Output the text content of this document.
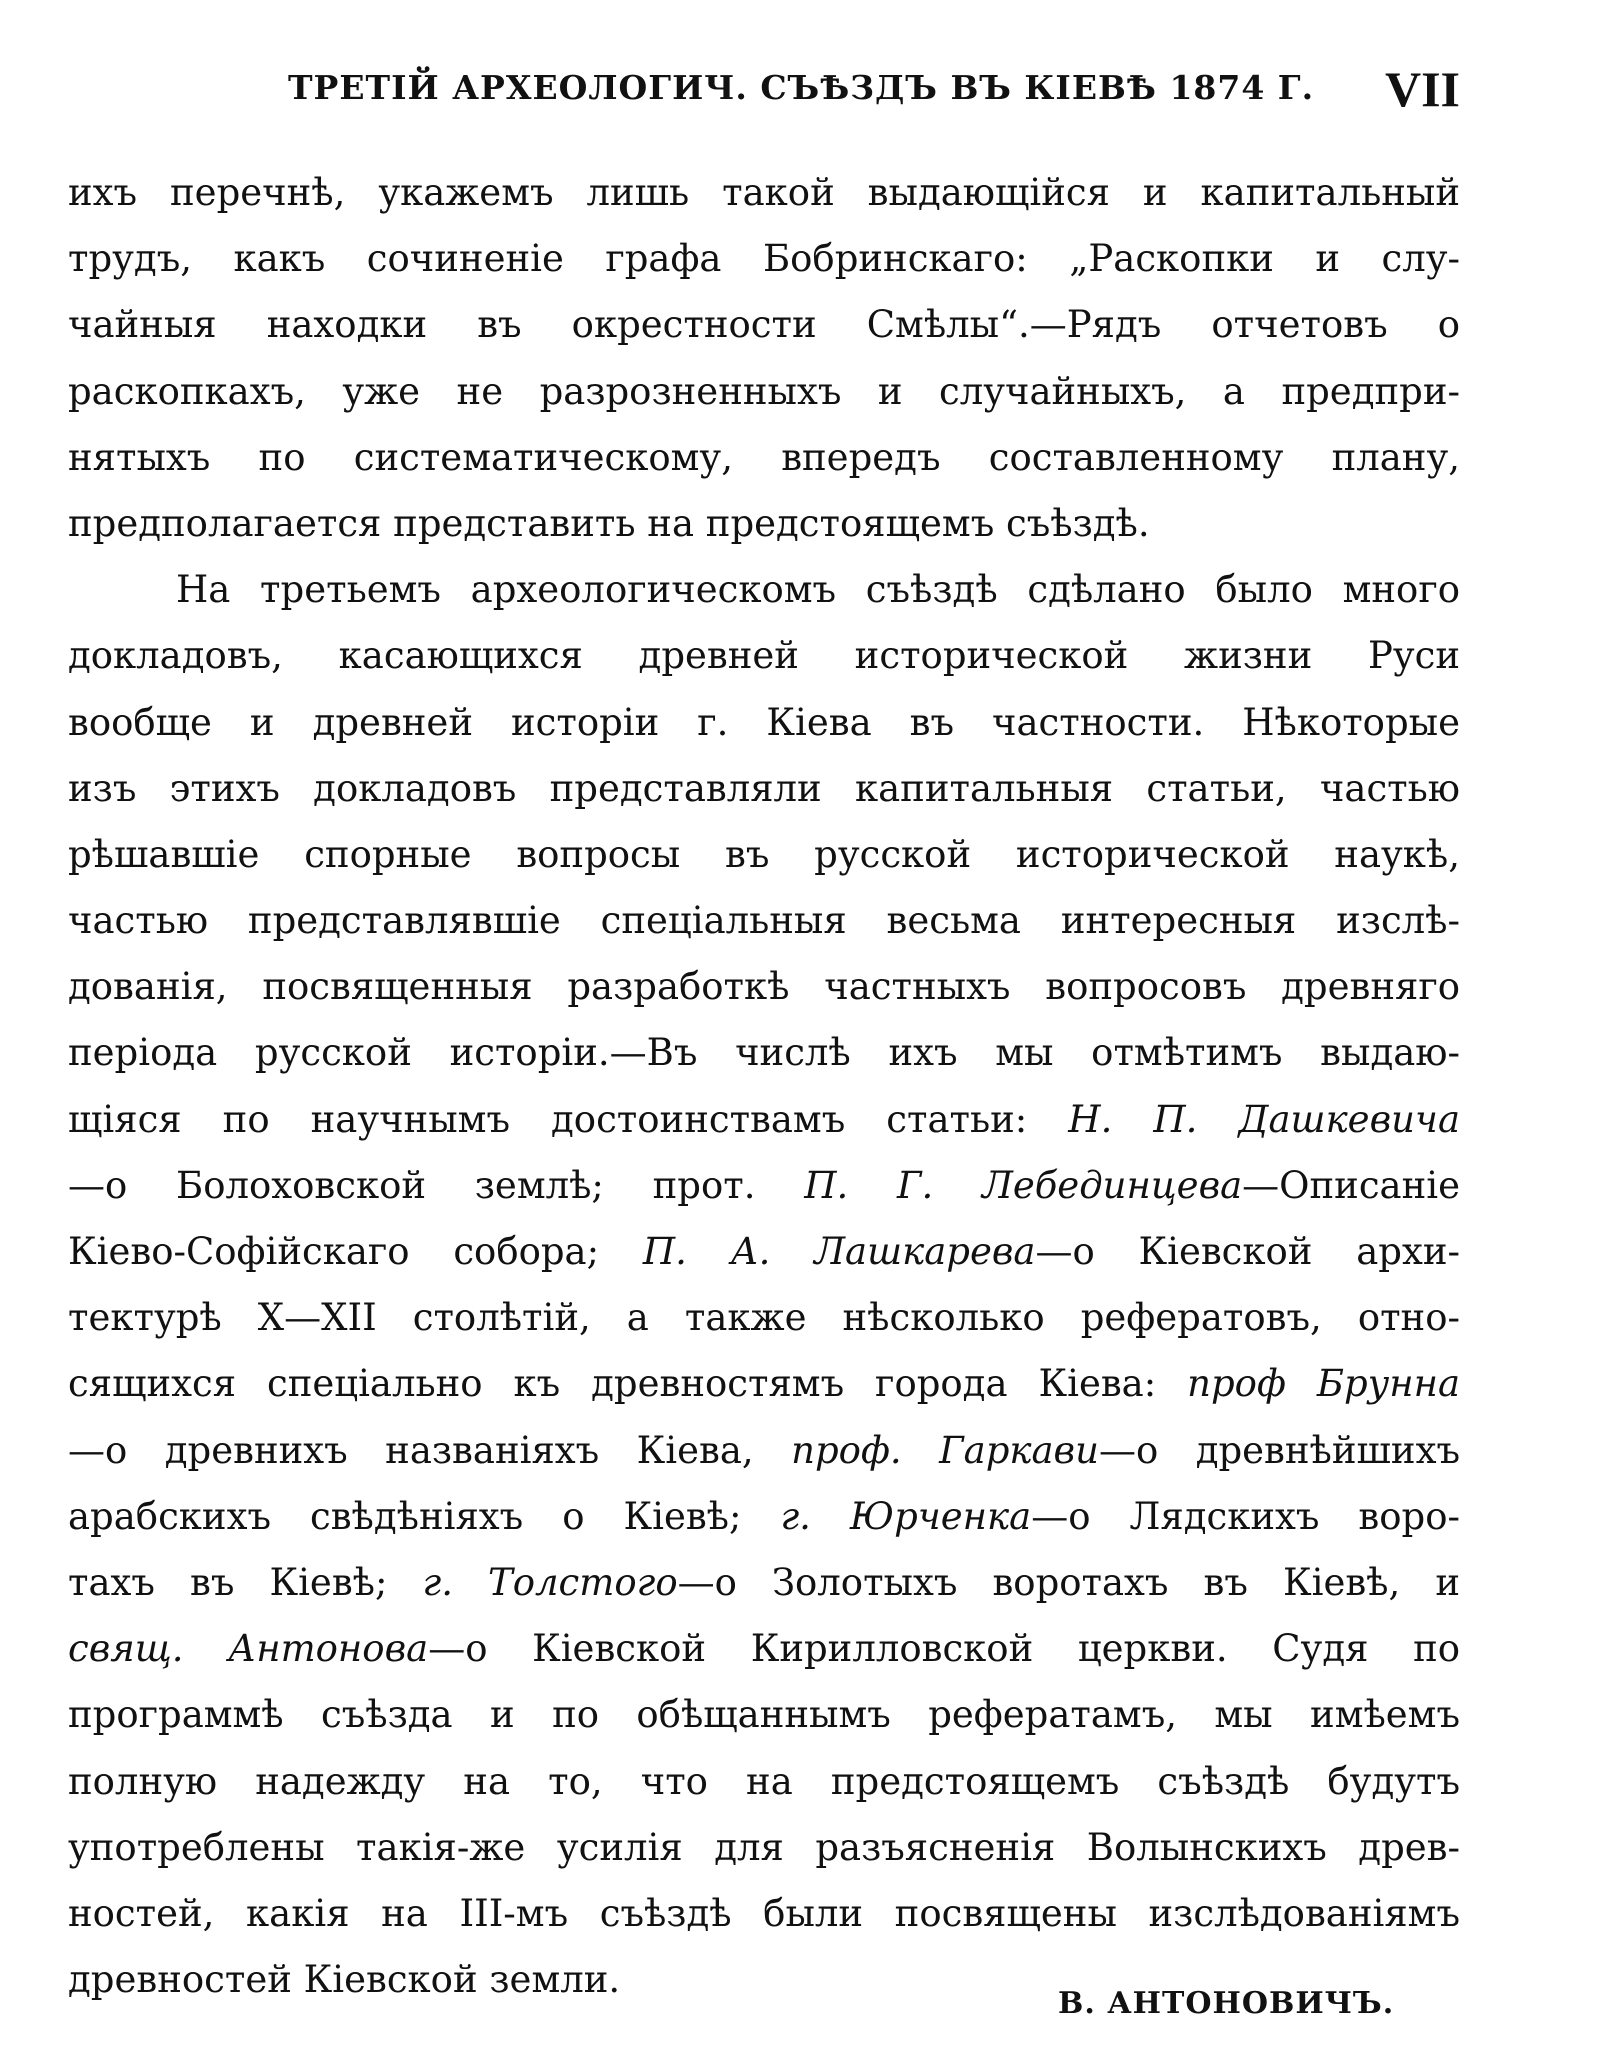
ТРЕТІЙ АРХЕОЛОГИЧ. СЪѢЗДЪ ВЪ КІЕВѢ 1874 Г. VII
ихъ перечнѣ, укажемъ лишь такой выдающійся и капитальный
трудъ, какъ сочиненіе графа Бобринскаго: „Раскопки и слу-
чайныя находки въ окрестности Смѣлы“.—Рядъ отчетовъ о
раскопкахъ, уже не разрозненныхъ и случайныхъ, а предпри-
нятыхъ по систематическому, впередъ составленному плану,
предполагается представить на предстоящемъ съѣздѣ.
На третьемъ археологическомъ съѣздѣ сдѣлано было много
докладовъ, касающихся древней исторической жизни Руси
вообще и древней исторіи г. Кіева въ частности. Нѣкоторые
изъ этихъ докладовъ представляли капитальныя статьи, частью
рѣшавшіе спорные вопросы въ русской исторической наукѣ,
частью представлявшіе спеціальныя весьма интересныя изслѣ-
дованія, посвященныя разработкѣ частныхъ вопросовъ древняго
періода русской исторіи.—Въ числѣ ихъ мы отмѣтимъ выдаю-
щіяся по научнымъ достоинствамъ статьи: Н. П. Дашкевича
—о Болоховской землѣ; прот. П. Г. Лебединцева—Описаніе
Кіево-Софійскаго собора; П. А. Лашкарева—о Кіевской архи-
тектурѣ X—XII столѣтій, а также нѣсколько рефератовъ, отно-
сящихся спеціально къ древностямъ города Кіева: проф Брунна
—о древнихъ названіяхъ Кіева, проф. Гаркави—о древнѣйшихъ
арабскихъ свѣдѣніяхъ о Кіевѣ; г. Юрченка—о Лядскихъ воро-
тахъ въ Кіевѣ; г. Толстого—о Золотыхъ воротахъ въ Кіевѣ, и
свящ. Антонова—о Кіевской Кирилловской церкви. Судя по
программѣ съѣзда и по обѣщаннымъ рефератамъ, мы имѣемъ
полную надежду на то, что на предстоящемъ съѣздѣ будутъ
употреблены такія-же усилія для разъясненія Волынскихъ древ-
ностей, какія на III-мъ съѣздѣ были посвящены изслѣдованіямъ
древностей Кіевской земли.
В. АНТОНОВИЧЪ.
